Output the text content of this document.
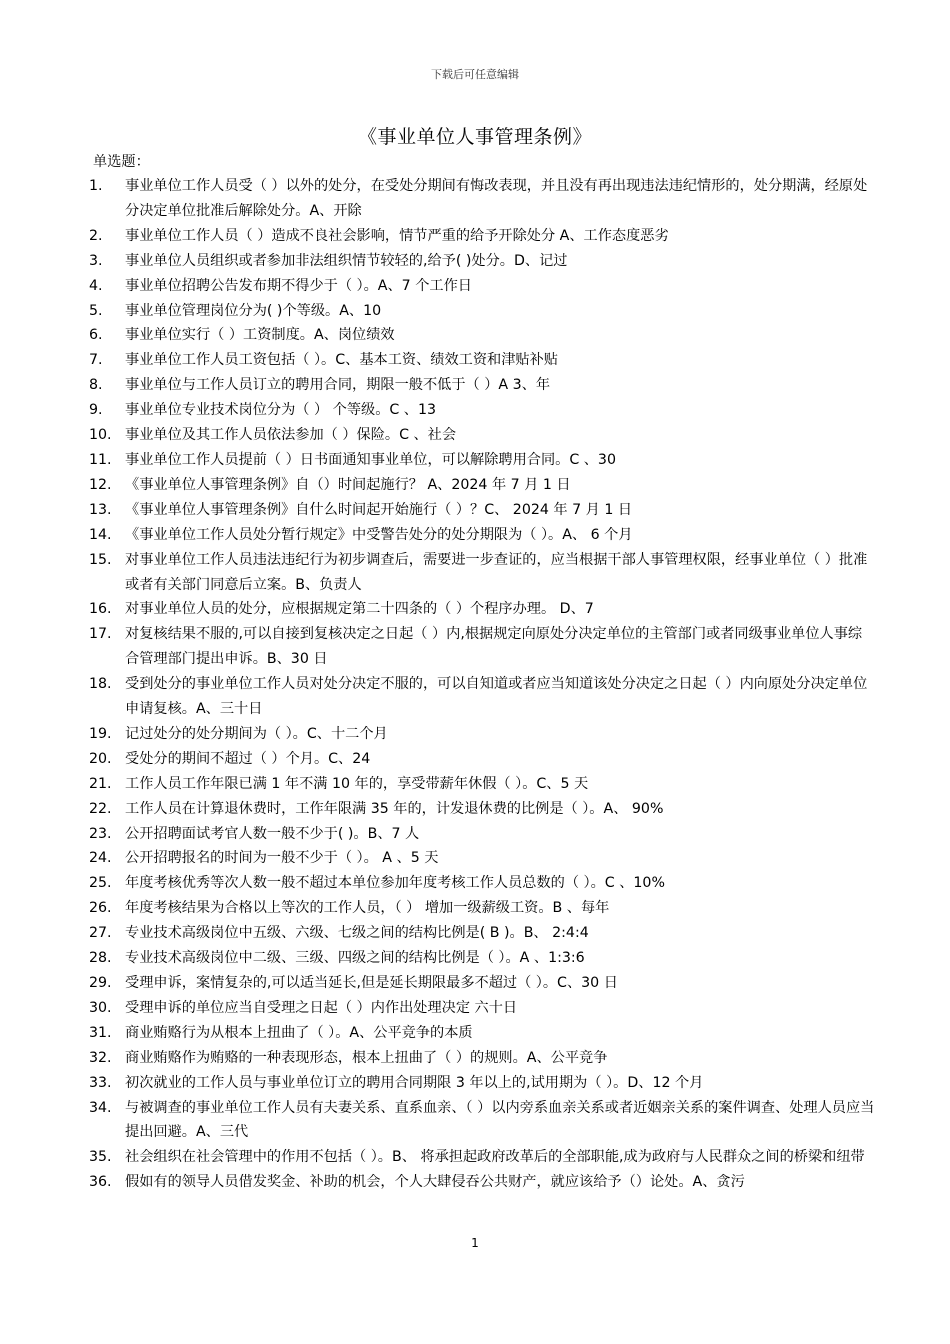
下载后可任意编辑
《事业单位人事管理条例》
单选题：
1.	事业单位工作人员受（ ）以外的处分，在受处分期间有悔改表现，并且没有再出现违法违纪情形的，处分期满，经原处分决定单位批准后解除处分。A、开除
2.	事业单位工作人员（ ）造成不良社会影响，情节严重的给予开除处分 A、工作态度恶劣
3.	事业单位人员组织或者参加非法组织情节较轻的,给予( )处分。D、记过
4.	事业单位招聘公告发布期不得少于（ ）。A、7 个工作日
5.	事业单位管理岗位分为( )个等级。A、10
6.	事业单位实行（ ）工资制度。A、岗位绩效
7.	事业单位工作人员工资包括（ ）。C、基本工资、绩效工资和津贴补贴
8.	事业单位与工作人员订立的聘用合同，期限一般不低于（ ）A 3、年
9.	事业单位专业技术岗位分为（ ） 个等级。C 、13
10. 事业单位及其工作人员依法参加（ ）保险。C 、社会
11. 事业单位工作人员提前（ ）日书面通知事业单位，可以解除聘用合同。C 、30
12. 《事业单位人事管理条例》自（）时间起施行？ A、2024 年 7 月 1 日
13. 《事业单位人事管理条例》自什么时间起开始施行（ ）？C、 2024 年 7 月 1 日
14. 《事业单位工作人员处分暂行规定》中受警告处分的处分期限为（ ）。A、 6 个月
15. 对事业单位工作人员违法违纪行为初步调查后，需要进一步查证的，应当根据干部人事管理权限，经事业单位（ ）批准或者有关部门同意后立案。B、负责人
16. 对事业单位人员的处分，应根据规定第二十四条的（ ）个程序办理。 D、7
17. 对复核结果不服的,可以自接到复核决定之日起（ ）内,根据规定向原处分决定单位的主管部门或者同级事业单位人事综合管理部门提出申诉。B、30 日
18. 受到处分的事业单位工作人员对处分决定不服的，可以自知道或者应当知道该处分决定之日起（ ）内向原处分决定单位申请复核。A、三十日
19. 记过处分的处分期间为（ ）。C、十二个月
20. 受处分的期间不超过（ ）个月。C、24
21. 工作人员工作年限已满 1 年不满 10 年的，享受带薪年休假（ ）。C、5 天
22. 工作人员在计算退休费时，工作年限满 35 年的，计发退休费的比例是（ ）。A、 90%
23. 公开招聘面试考官人数一般不少于( )。B、7 人
24. 公开招聘报名的时间为一般不少于（ ）。 A 、5 天
25. 年度考核优秀等次人数一般不超过本单位参加年度考核工作人员总数的（ ）。C 、10%
26. 年度考核结果为合格以上等次的工作人员，（ ） 增加一级薪级工资。B 、每年
27. 专业技术高级岗位中五级、六级、七级之间的结构比例是( B )。B、 2:4:4
28. 专业技术高级岗位中二级、三级、四级之间的结构比例是（ ）。A 、1:3:6
29. 受理申诉，案情复杂的,可以适当延长,但是延长期限最多不超过（ ）。C、30 日
30. 受理申诉的单位应当自受理之日起（ ）内作出处理决定 六十日
31. 商业贿赂行为从根本上扭曲了（ ）。A、公平竞争的本质
32. 商业贿赂作为贿赂的一种表现形态，根本上扭曲了（ ）的规则。A、公平竞争
33. 初次就业的工作人员与事业单位订立的聘用合同期限 3 年以上的,试用期为（ ）。D、12 个月
34. 与被调查的事业单位工作人员有夫妻关系、直系血亲、（ ）以内旁系血亲关系或者近姻亲关系的案件调查、处理人员应当提出回避。A、三代
35. 社会组织在社会管理中的作用不包括（ ）。B、 将承担起政府改革后的全部职能,成为政府与人民群众之间的桥梁和纽带
36. 假如有的领导人员借发奖金、补助的机会，个人大肆侵吞公共财产，就应该给予（）论处。A、贪污
1
